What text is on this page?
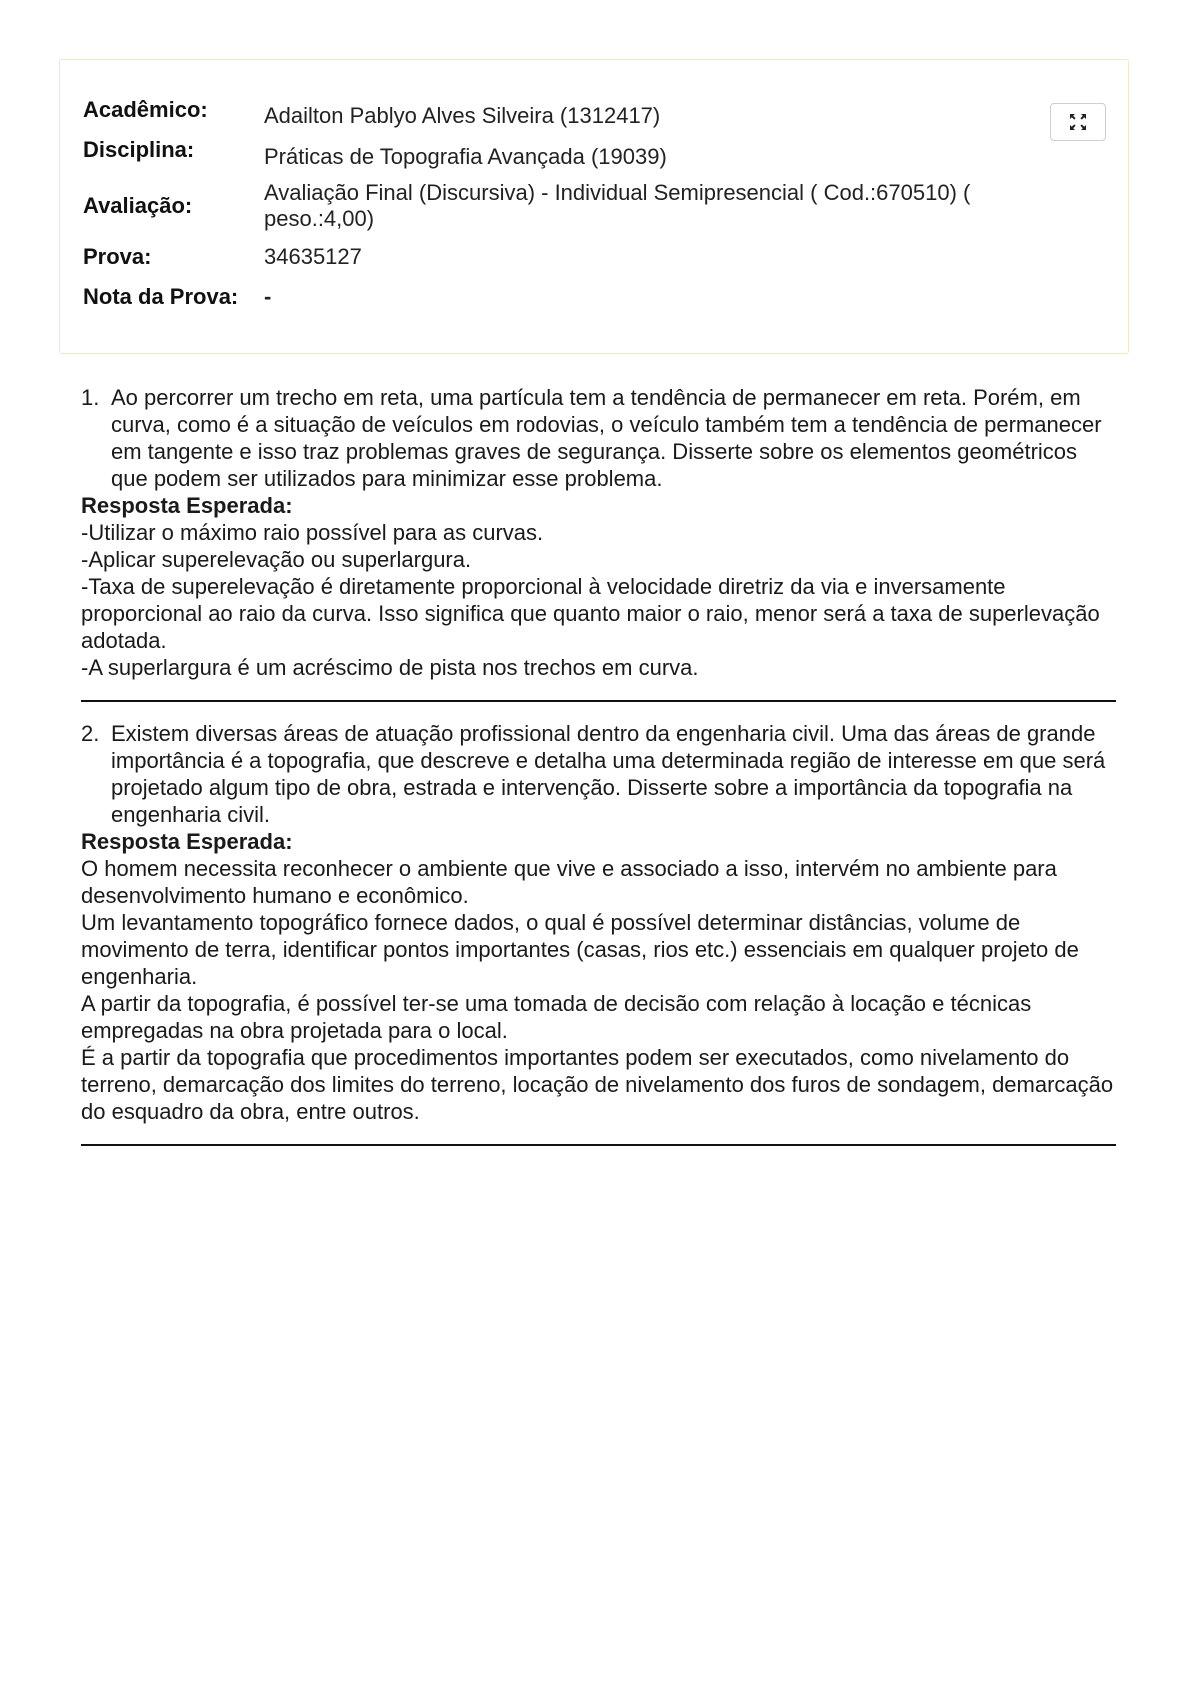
Acadêmico:	Adailton Pablyo Alves Silveira (1312417)
Disciplina:	Práticas de Topografia Avançada (19039)
Avaliação:
Avaliação Final (Discursiva) - Individual Semipresencial ( Cod.:670510) ( peso.:4,00)
Prova:	34635127
Nota da Prova:	-
1. Ao percorrer um trecho em reta, uma partícula tem a tendência de permanecer em reta. Porém, em curva, como é a situação de veículos em rodovias, o veículo também tem a tendência de permanecer em tangente e isso traz problemas graves de segurança. Disserte sobre os elementos geométricos que podem ser utilizados para minimizar esse problema.
Resposta Esperada:

-Utilizar o máximo raio possível para as curvas.

-Aplicar superelevação ou superlargura.

-Taxa de superelevação é diretamente proporcional à velocidade diretriz da via e inversamente proporcional ao raio da curva. Isso significa que quanto maior o raio, menor será a taxa de superlevação adotada.

-A superlargura é um acréscimo de pista nos trechos em curva.

2. Existem diversas áreas de atuação profissional dentro da engenharia civil. Uma das áreas de grande importância é a topografia, que descreve e detalha uma determinada região de interesse em que será projetado algum tipo de obra, estrada e intervenção. Disserte sobre a importância da topografia na engenharia civil.
Resposta Esperada:

O homem necessita reconhecer o ambiente que vive e associado a isso, intervém no ambiente para desenvolvimento humano e econômico.

Um levantamento topográfico fornece dados, o qual é possível determinar distâncias, volume de movimento de terra, identificar pontos importantes (casas, rios etc.) essenciais em qualquer projeto de engenharia.

A partir da topografia, é possível ter-se uma tomada de decisão com relação à locação e técnicas empregadas na obra projetada para o local.

É a partir da topografia que procedimentos importantes podem ser executados, como nivelamento do terreno, demarcação dos limites do terreno, locação de nivelamento dos furos de sondagem, demarcação do esquadro da obra, entre outros.
